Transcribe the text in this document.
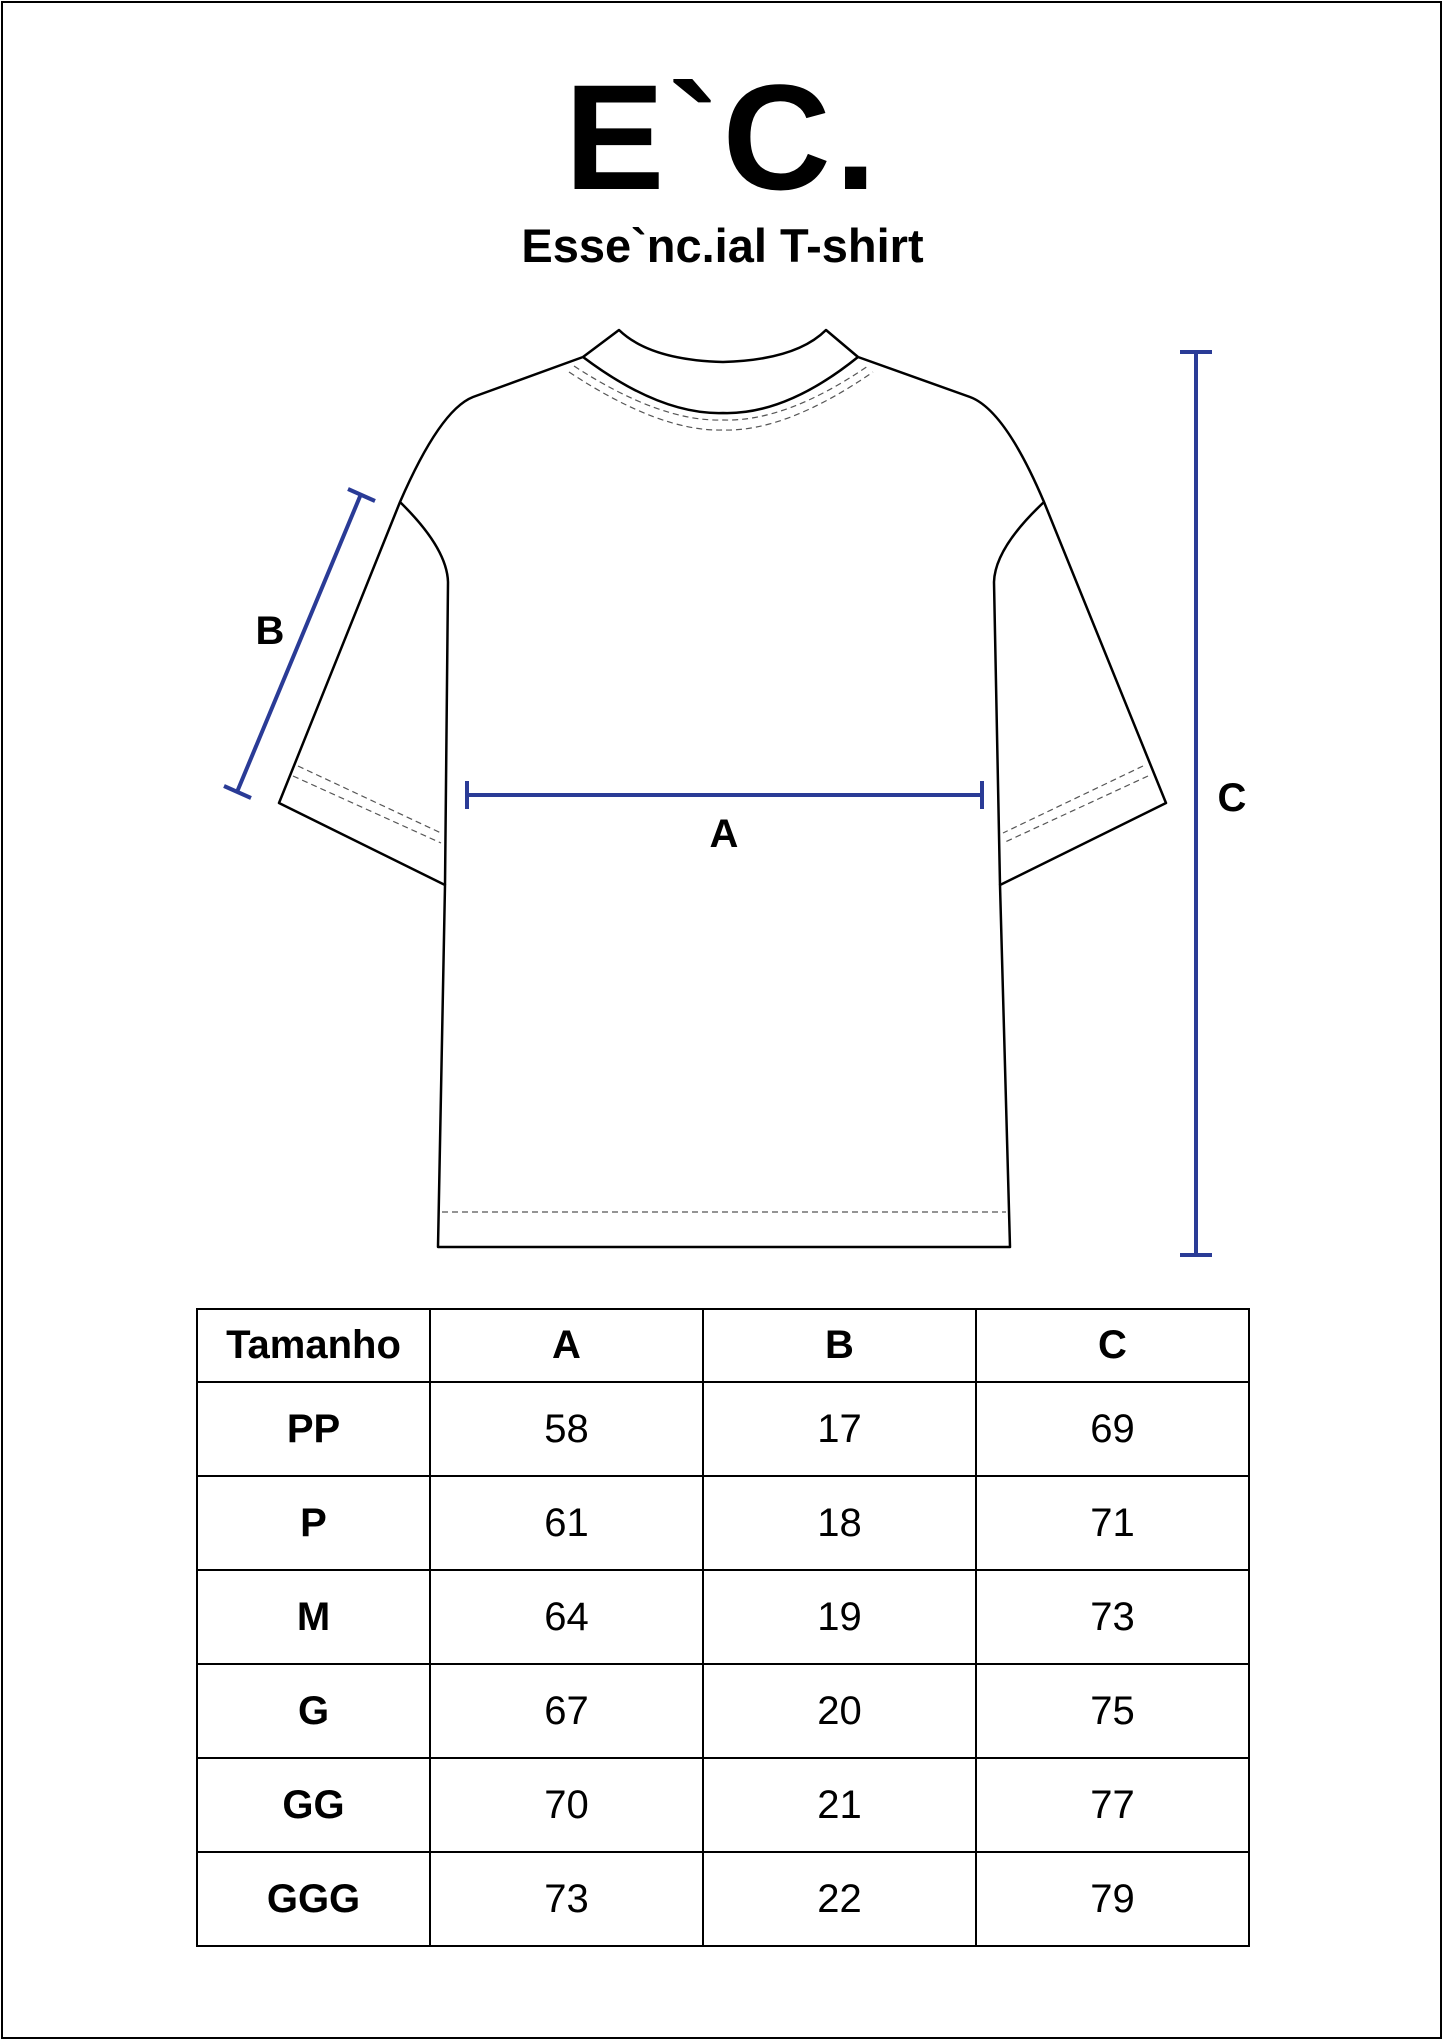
E`C.
Esse`nc.ial T-shirt
A
B
C
Tamanho	A	B	C
PP	58	17	69
P	61	18	71
M	64	19	73
G	67	20	75
GG	70	21	77
GGG	73	22	79
